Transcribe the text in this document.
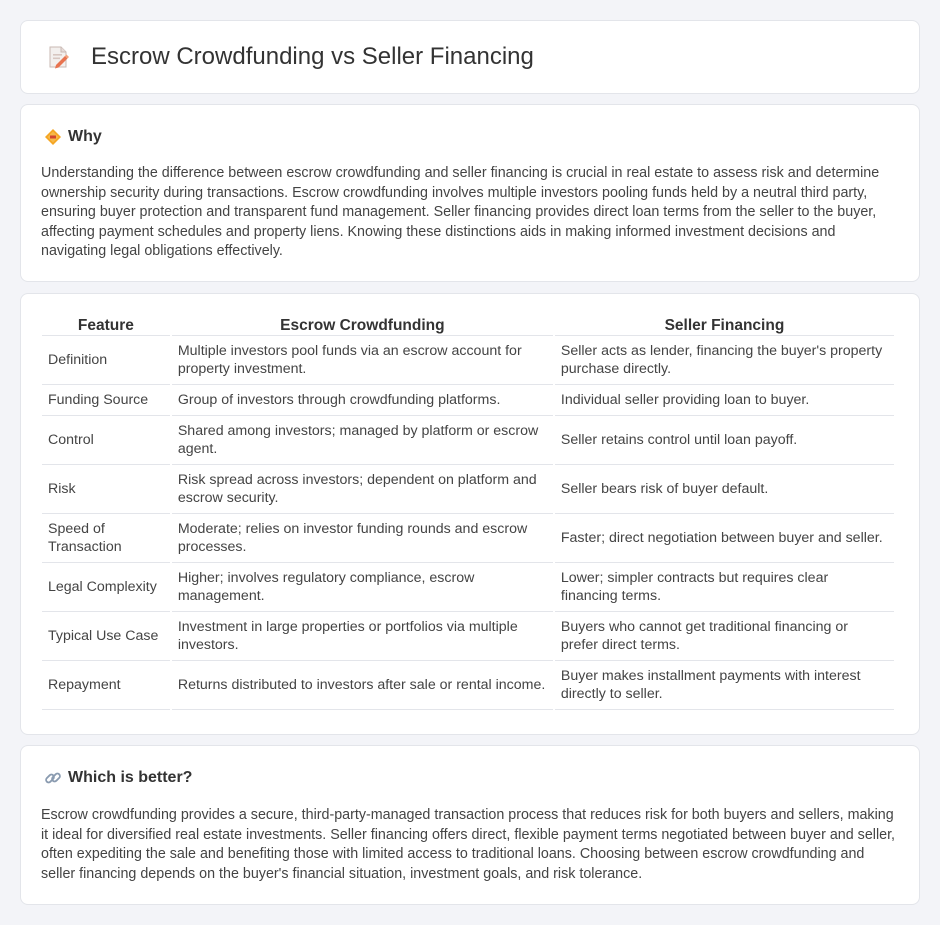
Escrow Crowdfunding vs Seller Financing
Why

Understanding the difference between escrow crowdfunding and seller financing is crucial in real estate to assess risk and determine ownership security during transactions. Escrow crowdfunding involves multiple investors pooling funds held by a neutral third party, ensuring buyer protection and transparent fund management. Seller financing provides direct loan terms from the seller to the buyer, affecting payment schedules and property liens. Knowing these distinctions aids in making informed investment decisions and navigating legal obligations effectively.

Feature	Escrow Crowdfunding	Seller Financing
Definition	Multiple investors pool funds via an escrow account for property investment.	Seller acts as lender, financing the buyer's property purchase directly.
Funding Source	Group of investors through crowdfunding platforms.	Individual seller providing loan to buyer.
Control	Shared among investors; managed by platform or escrow agent.	Seller retains control until loan payoff.
Risk	Risk spread across investors; dependent on platform and escrow security.	Seller bears risk of buyer default.
Speed of Transaction	Moderate; relies on investor funding rounds and escrow processes.	Faster; direct negotiation between buyer and seller.
Legal Complexity	Higher; involves regulatory compliance, escrow management.	Lower; simpler contracts but requires clear financing terms.
Typical Use Case	Investment in large properties or portfolios via multiple investors.	Buyers who cannot get traditional financing or prefer direct terms.
Repayment	Returns distributed to investors after sale or rental income.	Buyer makes installment payments with interest directly to seller.
Which is better?

Escrow crowdfunding provides a secure, third-party-managed transaction process that reduces risk for both buyers and sellers, making it ideal for diversified real estate investments. Seller financing offers direct, flexible payment terms negotiated between buyer and seller, often expediting the sale and benefiting those with limited access to traditional loans. Choosing between escrow crowdfunding and seller financing depends on the buyer's financial situation, investment goals, and risk tolerance.
